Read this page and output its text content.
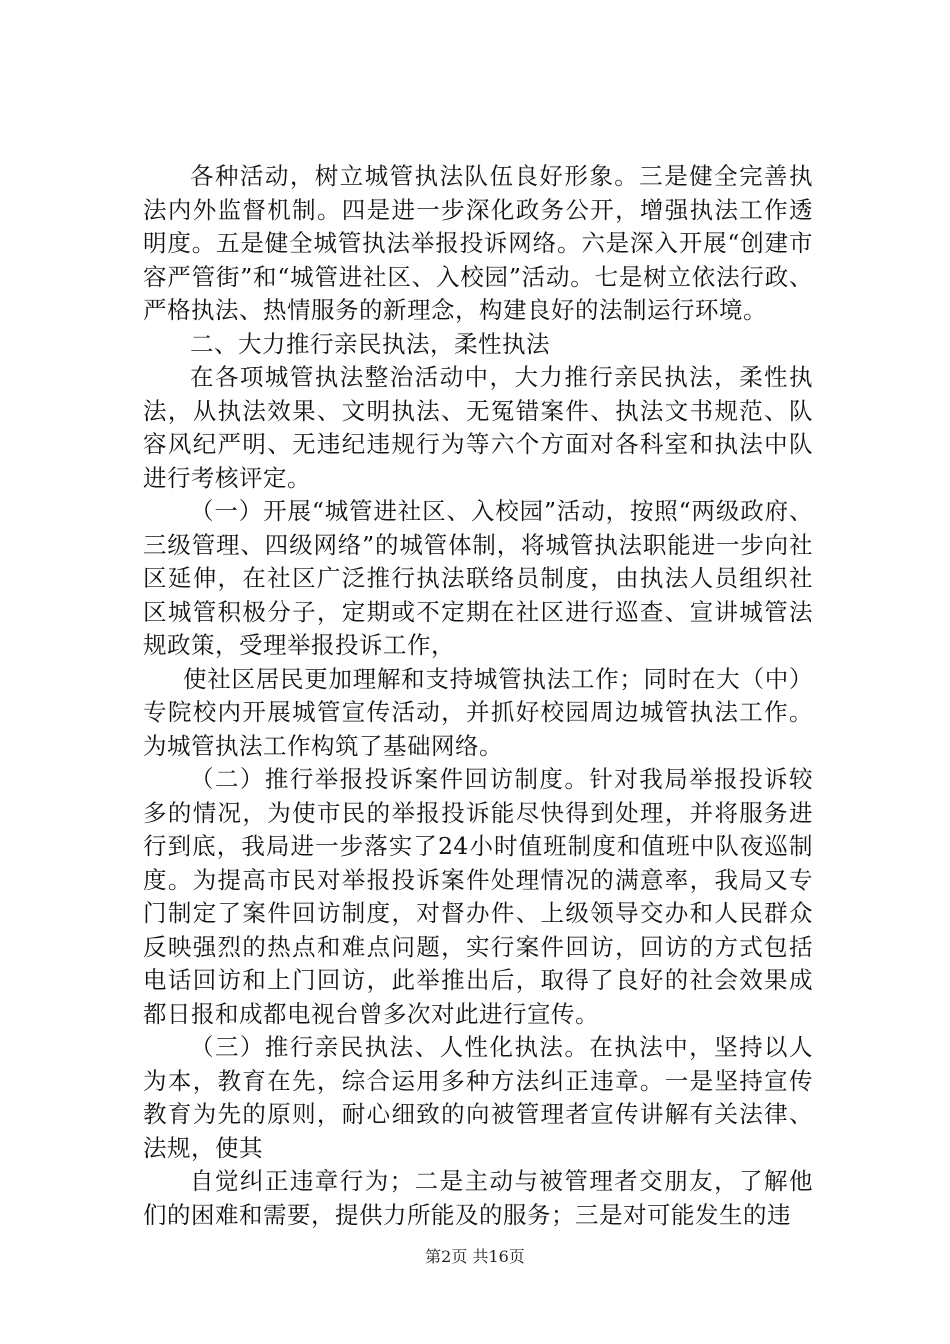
各种活动，树立城管执法队伍良好形象。三是健全完善执法内外监督机制。四是进一步深化政务公开，增强执法工作透明度。五是健全城管执法举报投诉网络。六是深入开展“创建市容严管街”和“城管进社区、入校园”活动。七是树立依法行政、严格执法、热情服务的新理念，构建良好的法制运行环境。

二、大力推行亲民执法，柔性执法

在各项城管执法整治活动中，大力推行亲民执法，柔性执法，从执法效果、文明执法、无冤错案件、执法文书规范、队容风纪严明、无违纪违规行为等六个方面对各科室和执法中队进行考核评定。

（一）开展“城管进社区、入校园”活动，按照“两级政府、三级管理、四级网络”的城管体制，将城管执法职能进一步向社区延伸，在社区广泛推行执法联络员制度，由执法人员组织社区城管积极分子，定期或不定期在社区进行巡查、宣讲城管法规政策，受理举报投诉工作，

使社区居民更加理解和支持城管执法工作；同时在大（中）专院校内开展城管宣传活动，并抓好校园周边城管执法工作。为城管执法工作构筑了基础网络。

（二）推行举报投诉案件回访制度。针对我局举报投诉较多的情况，为使市民的举报投诉能尽快得到处理，并将服务进行到底，我局进一步落实了24小时值班制度和值班中队夜巡制度。为提高市民对举报投诉案件处理情况的满意率，我局又专门制定了案件回访制度，对督办件、上级领导交办和人民群众反映强烈的热点和难点问题，实行案件回访，回访的方式包括电话回访和上门回访，此举推出后，取得了良好的社会效果成都日报和成都电视台曾多次对此进行宣传。

（三）推行亲民执法、人性化执法。在执法中，坚持以人为本，教育在先，综合运用多种方法纠正违章。一是坚持宣传教育为先的原则，耐心细致的向被管理者宣传讲解有关法律、法规，使其

自觉纠正违章行为；二是主动与被管理者交朋友，了解他们的困难和需要，提供力所能及的服务；三是对可能发生的违

第2页 共16页
